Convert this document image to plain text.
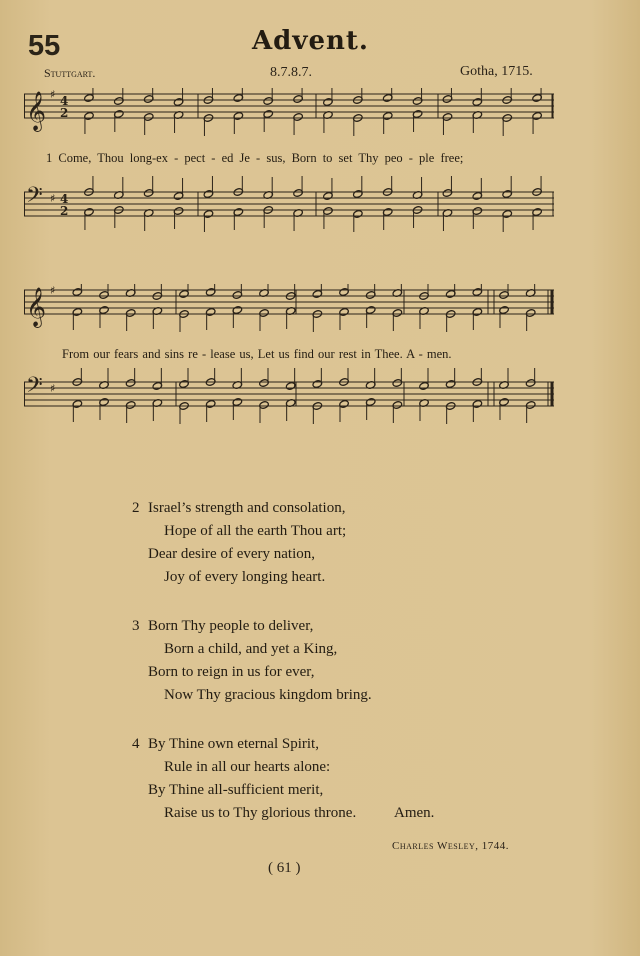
55	Advent.
Stuttgart.	8.7.8.7.	Gotha, 1715.
𝄞 ♯ 4
2
1 Come, Thou long-ex - pect - ed Je - sus, Born to set Thy peo - ple free;
𝄢 ♯ 4
2
𝄞 ♯
From our fears and sins re - lease us, Let us find our rest in Thee. A - men.
𝄢 ♯
2 Israel’s strength and consolation,
Hope of all the earth Thou art;
Dear desire of every nation,
Joy of every longing heart.
3 Born Thy people to deliver,
Born a child, and yet a King,
Born to reign in us for ever,
Now Thy gracious kingdom bring.
4 By Thine own eternal Spirit,
Rule in all our hearts alone:
By Thine all-sufficient merit,
Raise us to Thy glorious throne.	Amen.
Charles Wesley, 1744.
( 61 )
